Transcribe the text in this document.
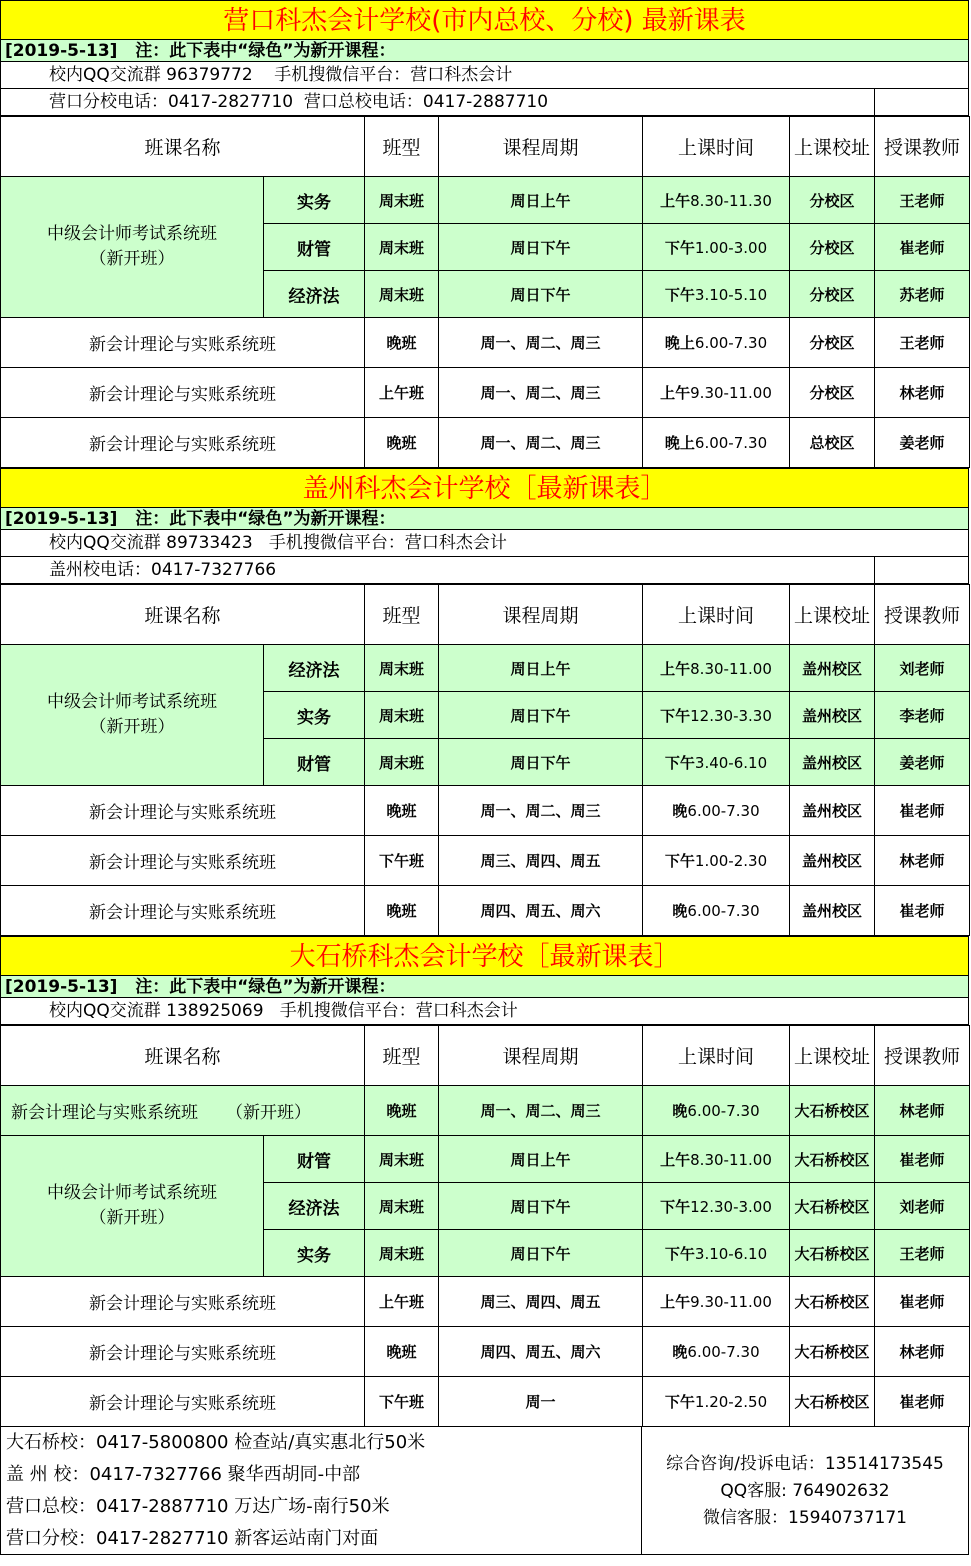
营口科杰会计学校(市内总校、分校) 最新课表
[2019-5-13]   注：此下表中“绿色”为新开课程：
校内QQ交流群 96379772    手机搜微信平台：营口科杰会计
营口分校电话：0417-2827710  营口总校电话：0417-2887710
班课名称		班型	课程周期	上课时间	上课校址	授课教师
中级会计师考试系统班
（新开班）	实务	周末班	周日上午	上午8.30-11.30	分校区	王老师
	财管	周末班	周日下午	下午1.00-3.00	分校区	崔老师
	经济法	周末班	周日下午	下午3.10-5.10	分校区	苏老师
新会计理论与实账系统班		晚班	周一、周二、周三	晚上6.00-7.30	分校区	王老师
新会计理论与实账系统班		上午班	周一、周二、周三	上午9.30-11.00	分校区	林老师
新会计理论与实账系统班		晚班	周一、周二、周三	晚上6.00-7.30	总校区	姜老师
盖州科杰会计学校［最新课表］
[2019-5-13]   注：此下表中“绿色”为新开课程：
校内QQ交流群 89733423   手机搜微信平台：营口科杰会计
盖州校电话：0417-7327766
班课名称		班型	课程周期	上课时间	上课校址	授课教师
中级会计师考试系统班
（新开班）	经济法	周末班	周日上午	上午8.30-11.00	盖州校区	刘老师
	实务	周末班	周日下午	下午12.30-3.30	盖州校区	李老师
	财管	周末班	周日下午	下午3.40-6.10	盖州校区	姜老师
新会计理论与实账系统班		晚班	周一、周二、周三	晚6.00-7.30	盖州校区	崔老师
新会计理论与实账系统班		下午班	周三、周四、周五	下午1.00-2.30	盖州校区	林老师
新会计理论与实账系统班		晚班	周四、周五、周六	晚6.00-7.30	盖州校区	崔老师
大石桥科杰会计学校［最新课表］
[2019-5-13]   注：此下表中“绿色”为新开课程：
校内QQ交流群 138925069   手机搜微信平台：营口科杰会计
班课名称		班型	课程周期	上课时间	上课校址	授课教师
新会计理论与实账系统班 （新开班）		晚班	周一、周二、周三	晚6.00-7.30	大石桥校区	林老师
中级会计师考试系统班
（新开班）	财管	周末班	周日上午	上午8.30-11.00	大石桥校区	崔老师
	经济法	周末班	周日下午	下午12.30-3.00	大石桥校区	刘老师
	实务	周末班	周日下午	下午3.10-6.10	大石桥校区	王老师
新会计理论与实账系统班		上午班	周三、周四、周五	上午9.30-11.00	大石桥校区	崔老师
新会计理论与实账系统班		晚班	周四、周五、周六	晚6.00-7.30	大石桥校区	林老师
新会计理论与实账系统班		下午班	周一	下午1.20-2.50	大石桥校区	崔老师
大石桥校：0417-5800800 检查站/真实惠北行50米
盖 州 校：0417-7327766 聚华西胡同-中部
营口总校：0417-2887710 万达广场-南行50米
营口分校：0417-2827710 新客运站南门对面
综合咨询/投诉电话：13514173545
QQ客服: 764902632
微信客服：15940737171
